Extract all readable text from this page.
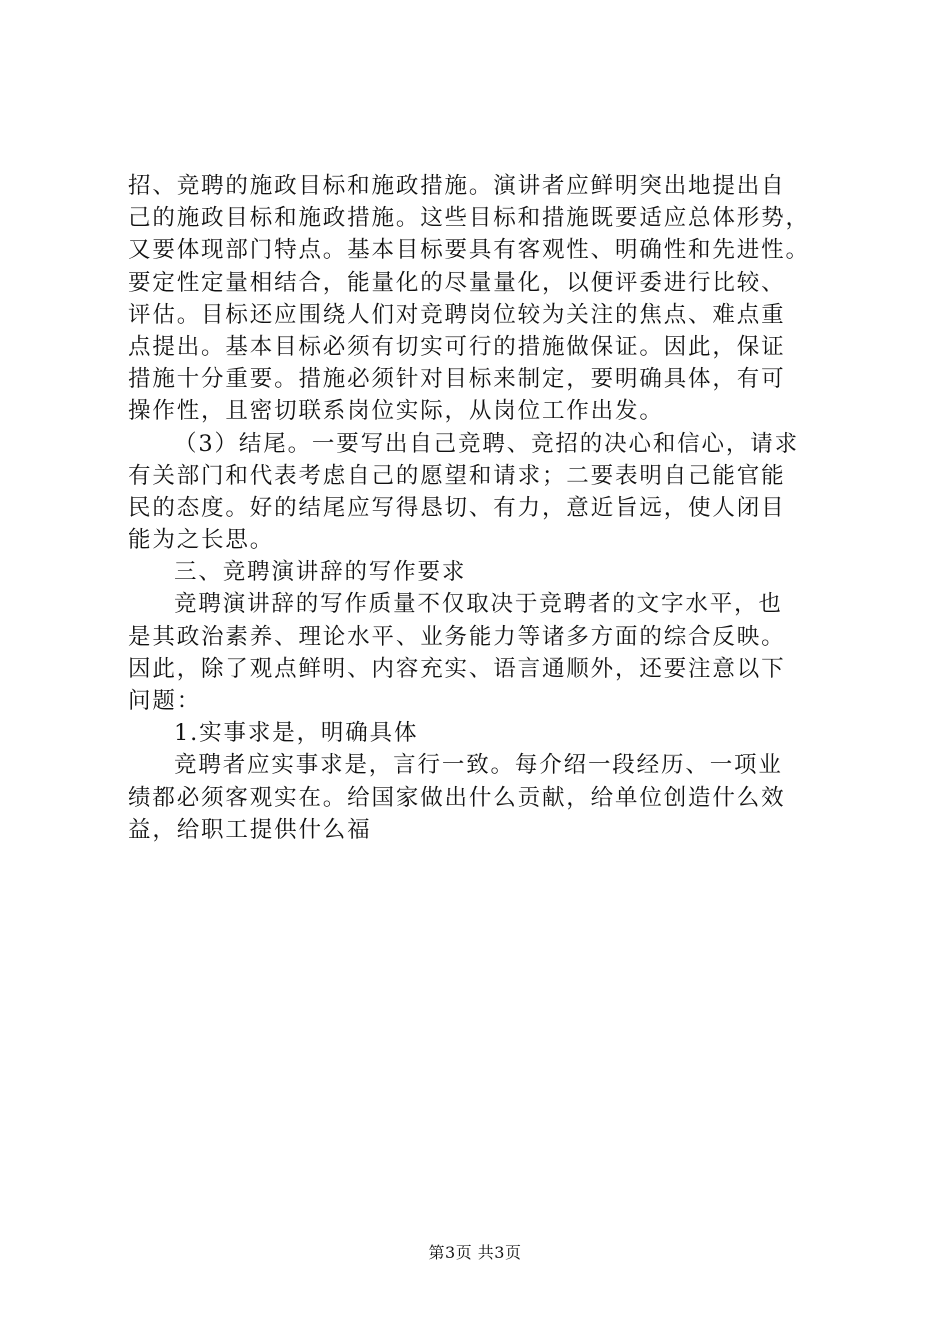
招、竞聘的施政目标和施政措施。演讲者应鲜明突出地提出自
己的施政目标和施政措施。这些目标和措施既要适应总体形势，
又要体现部门特点。基本目标要具有客观性、明确性和先进性。
要定性定量相结合，能量化的尽量量化，以便评委进行比较、
评估。目标还应围绕人们对竞聘岗位较为关注的焦点、难点重
点提出。基本目标必须有切实可行的措施做保证。因此，保证
措施十分重要。措施必须针对目标来制定，要明确具体，有可
操作性，且密切联系岗位实际，从岗位工作出发。
（3）结尾。一要写出自己竞聘、竞招的决心和信心，请求
有关部门和代表考虑自己的愿望和请求；二要表明自己能官能
民的态度。好的结尾应写得恳切、有力，意近旨远，使人闭目
能为之长思。
三、竞聘演讲辞的写作要求
竞聘演讲辞的写作质量不仅取决于竞聘者的文字水平，也
是其政治素养、理论水平、业务能力等诸多方面的综合反映。
因此，除了观点鲜明、内容充实、语言通顺外，还要注意以下
问题：
1.实事求是，明确具体
竞聘者应实事求是，言行一致。每介绍一段经历、一项业
绩都必须客观实在。给国家做出什么贡献，给单位创造什么效
益，给职工提供什么福
第3页 共3页
